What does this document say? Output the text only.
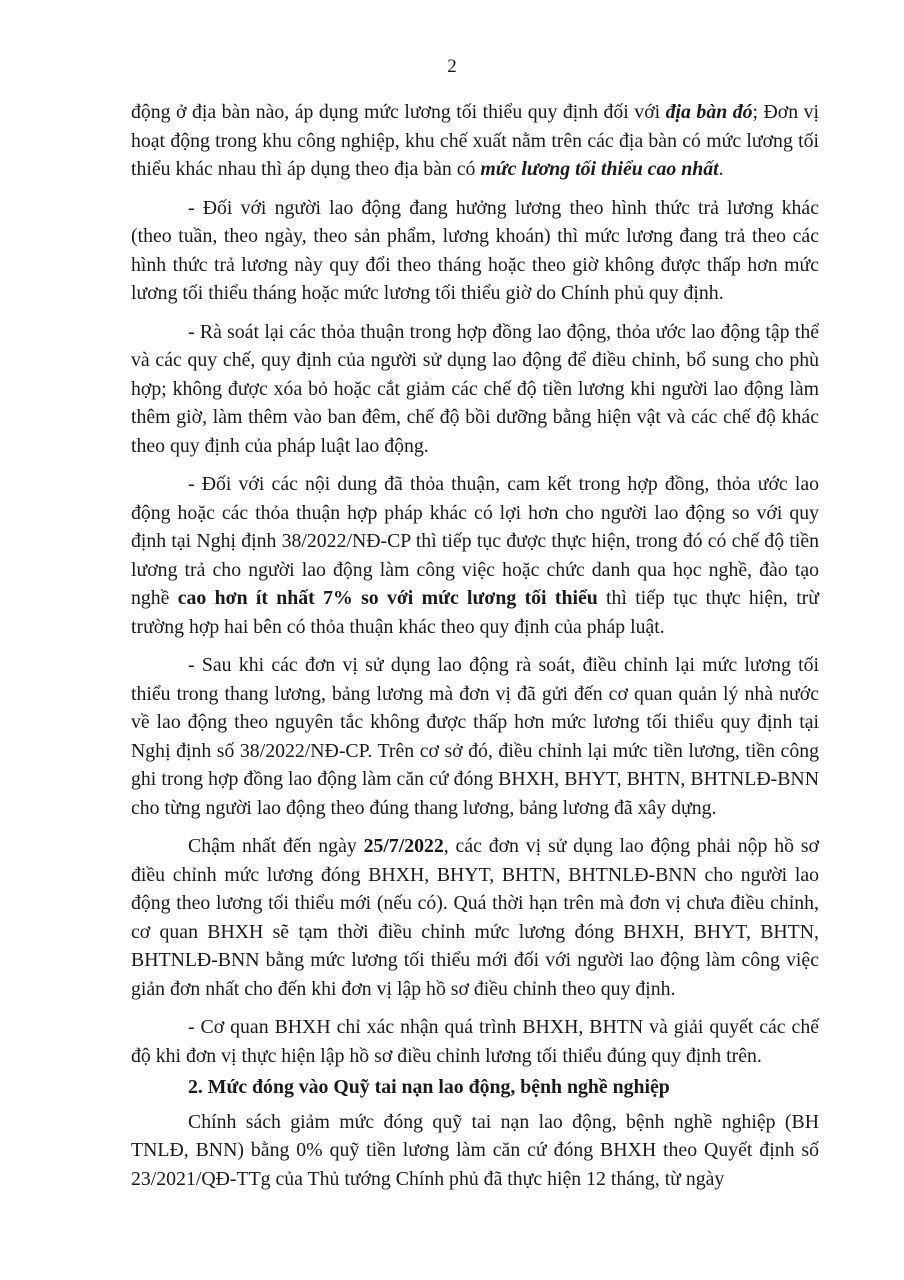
2

động ở địa bàn nào, áp dụng mức lương tối thiểu quy định đối với địa bàn đó; Đơn vị hoạt động trong khu công nghiệp, khu chế xuất nằm trên các địa bàn có mức lương tối thiểu khác nhau thì áp dụng theo địa bàn có mức lương tối thiểu cao nhất.

- Đối với người lao động đang hưởng lương theo hình thức trả lương khác (theo tuần, theo ngày, theo sản phẩm, lương khoán) thì mức lương đang trả theo các hình thức trả lương này quy đổi theo tháng hoặc theo giờ không được thấp hơn mức lương tối thiểu tháng hoặc mức lương tối thiểu giờ do Chính phủ quy định.

- Rà soát lại các thỏa thuận trong hợp đồng lao động, thỏa ước lao động tập thể và các quy chế, quy định của người sử dụng lao động để điều chỉnh, bổ sung cho phù hợp; không được xóa bỏ hoặc cắt giảm các chế độ tiền lương khi người lao động làm thêm giờ, làm thêm vào ban đêm, chế độ bồi dưỡng bằng hiện vật và các chế độ khác theo quy định của pháp luật lao động.

- Đối với các nội dung đã thỏa thuận, cam kết trong hợp đồng, thỏa ước lao động hoặc các thỏa thuận hợp pháp khác có lợi hơn cho người lao động so với quy định tại Nghị định 38/2022/NĐ-CP thì tiếp tục được thực hiện, trong đó có chế độ tiền lương trả cho người lao động làm công việc hoặc chức danh qua học nghề, đào tạo nghề cao hơn ít nhất 7% so với mức lương tối thiểu thì tiếp tục thực hiện, trừ trường hợp hai bên có thỏa thuận khác theo quy định của pháp luật.

- Sau khi các đơn vị sử dụng lao động rà soát, điều chỉnh lại mức lương tối thiểu trong thang lương, bảng lương mà đơn vị đã gửi đến cơ quan quản lý nhà nước về lao động theo nguyên tắc không được thấp hơn mức lương tối thiểu quy định tại Nghị định số 38/2022/NĐ-CP. Trên cơ sở đó, điều chỉnh lại mức tiền lương, tiền công ghi trong hợp đồng lao động làm căn cứ đóng BHXH, BHYT, BHTN, BHTNLĐ-BNN cho từng người lao động theo đúng thang lương, bảng lương đã xây dựng.

Chậm nhất đến ngày 25/7/2022, các đơn vị sử dụng lao động phải nộp hồ sơ điều chỉnh mức lương đóng BHXH, BHYT, BHTN, BHTNLĐ-BNN cho người lao động theo lương tối thiểu mới (nếu có). Quá thời hạn trên mà đơn vị chưa điều chỉnh, cơ quan BHXH sẽ tạm thời điều chỉnh mức lương đóng BHXH, BHYT, BHTN, BHTNLĐ-BNN bằng mức lương tối thiểu mới đối với người lao động làm công việc giản đơn nhất cho đến khi đơn vị lập hồ sơ điều chỉnh theo quy định.

- Cơ quan BHXH chỉ xác nhận quá trình BHXH, BHTN và giải quyết các chế độ khi đơn vị thực hiện lập hồ sơ điều chỉnh lương tối thiểu đúng quy định trên.

2. Mức đóng vào Quỹ tai nạn lao động, bệnh nghề nghiệp

Chính sách giảm mức đóng quỹ tai nạn lao động, bệnh nghề nghiệp (BH TNLĐ, BNN) bằng 0% quỹ tiền lương làm căn cứ đóng BHXH theo Quyết định số 23/2021/QĐ-TTg của Thủ tướng Chính phủ đã thực hiện 12 tháng, từ ngày
